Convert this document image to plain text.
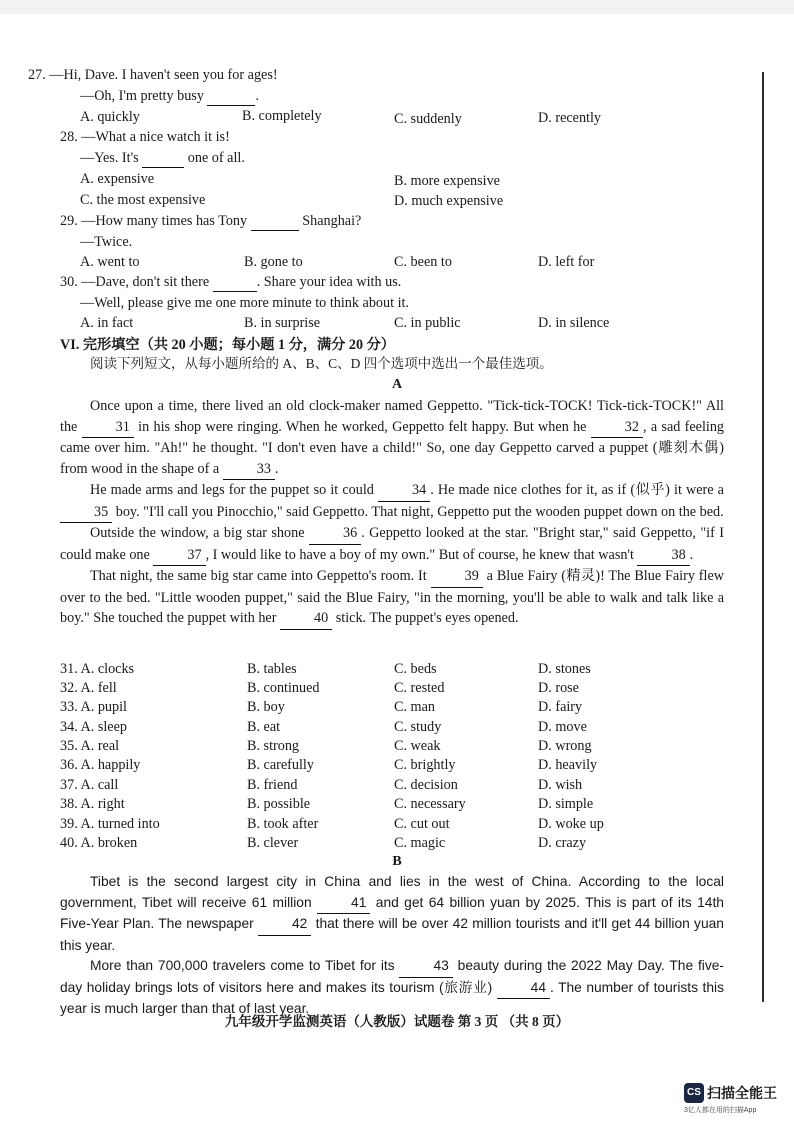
27. —Hi, Dave. I haven't seen you for ages!
—Oh, I'm pretty busy	.
A. quickly	B. completely	C. suddenly	D. recently
28. —What a nice watch it is!
—Yes. It's	one of all.
A. expensive	B. more expensive
C. the most expensive	D. much expensive
29. —How many times has Tony	Shanghai?
—Twice.
A. went to	B. gone to	C. been to	D. left for
30. —Dave, don't sit there	. Share your idea with us.
—Well, please give me one more minute to think about it.
A. in fact	B. in surprise	C. in public	D. in silence
VI. 完形填空（共 20 小题；每小题 1 分，满分 20 分）
阅读下列短文，从每小题所给的 A、B、C、D 四个选项中选出一个最佳选项。
A

Once upon a time, there lived an old clock-maker named Geppetto. "Tick-tick-TOCK! Tick-tick-TOCK!" All the	31 in his shop were ringing. When he worked, Geppetto felt happy. But when he	32 , a sad feeling came over him. "Ah!" he thought. "I don't even have a child!" So, one day Geppetto carved a puppet (雕刻木偶) from wood in the shape of a	33 .

He made arms and legs for the puppet so it could	34 . He made nice clothes for it, as if (似乎) it were a 35 boy. "I'll call you Pinocchio," said Geppetto. That night, Geppetto put the wooden puppet down on the bed.

Outside the window, a big star shone	36 . Geppetto looked at the star. "Bright star," said Geppetto, "if I could make one	37 , I would like to have a boy of my own." But of course, he knew that wasn't	38 .

That night, the same big star came into Geppetto's room. It	39 a Blue Fairy (精灵)! The Blue Fairy flew over to the bed. "Little wooden puppet," said the Blue Fairy, "in the morning, you'll be able to walk and talk like a boy." She touched the puppet with her	40 stick. The puppet's eyes opened.

31. A. clocks	B. tables	C. beds	D. stones
32. A. fell	B. continued	C. rested	D. rose
33. A. pupil	B. boy	C. man	D. fairy
34. A. sleep	B. eat	C. study	D. move
35. A. real	B. strong	C. weak	D. wrong
36. A. happily	B. carefully	C. brightly	D. heavily
37. A. call	B. friend	C. decision	D. wish
38. A. right	B. possible	C. necessary	D. simple
39. A. turned into	B. took after	C. cut out	D. woke up
40. A. broken	B. clever	C. magic	D. crazy
B

Tibet is the second largest city in China and lies in the west of China. According to the local government, Tibet will receive 61 million	41 and get 64 billion yuan by 2025. This is part of its 14th Five-Year Plan. The newspaper	42 that there will be over 42 million tourists and it'll get 44 billion yuan this year.

More than 700,000 travelers come to Tibet for its	43 beauty during the 2022 May Day. The five-day holiday brings lots of visitors here and makes its tourism (旅游业)	44 . The number of tourists this year is much larger than that of last year.

九年级开学监测英语（人教版）试题卷 第 3 页 （共 8 页）
CS 扫描全能王
3亿人都在用的扫描App
